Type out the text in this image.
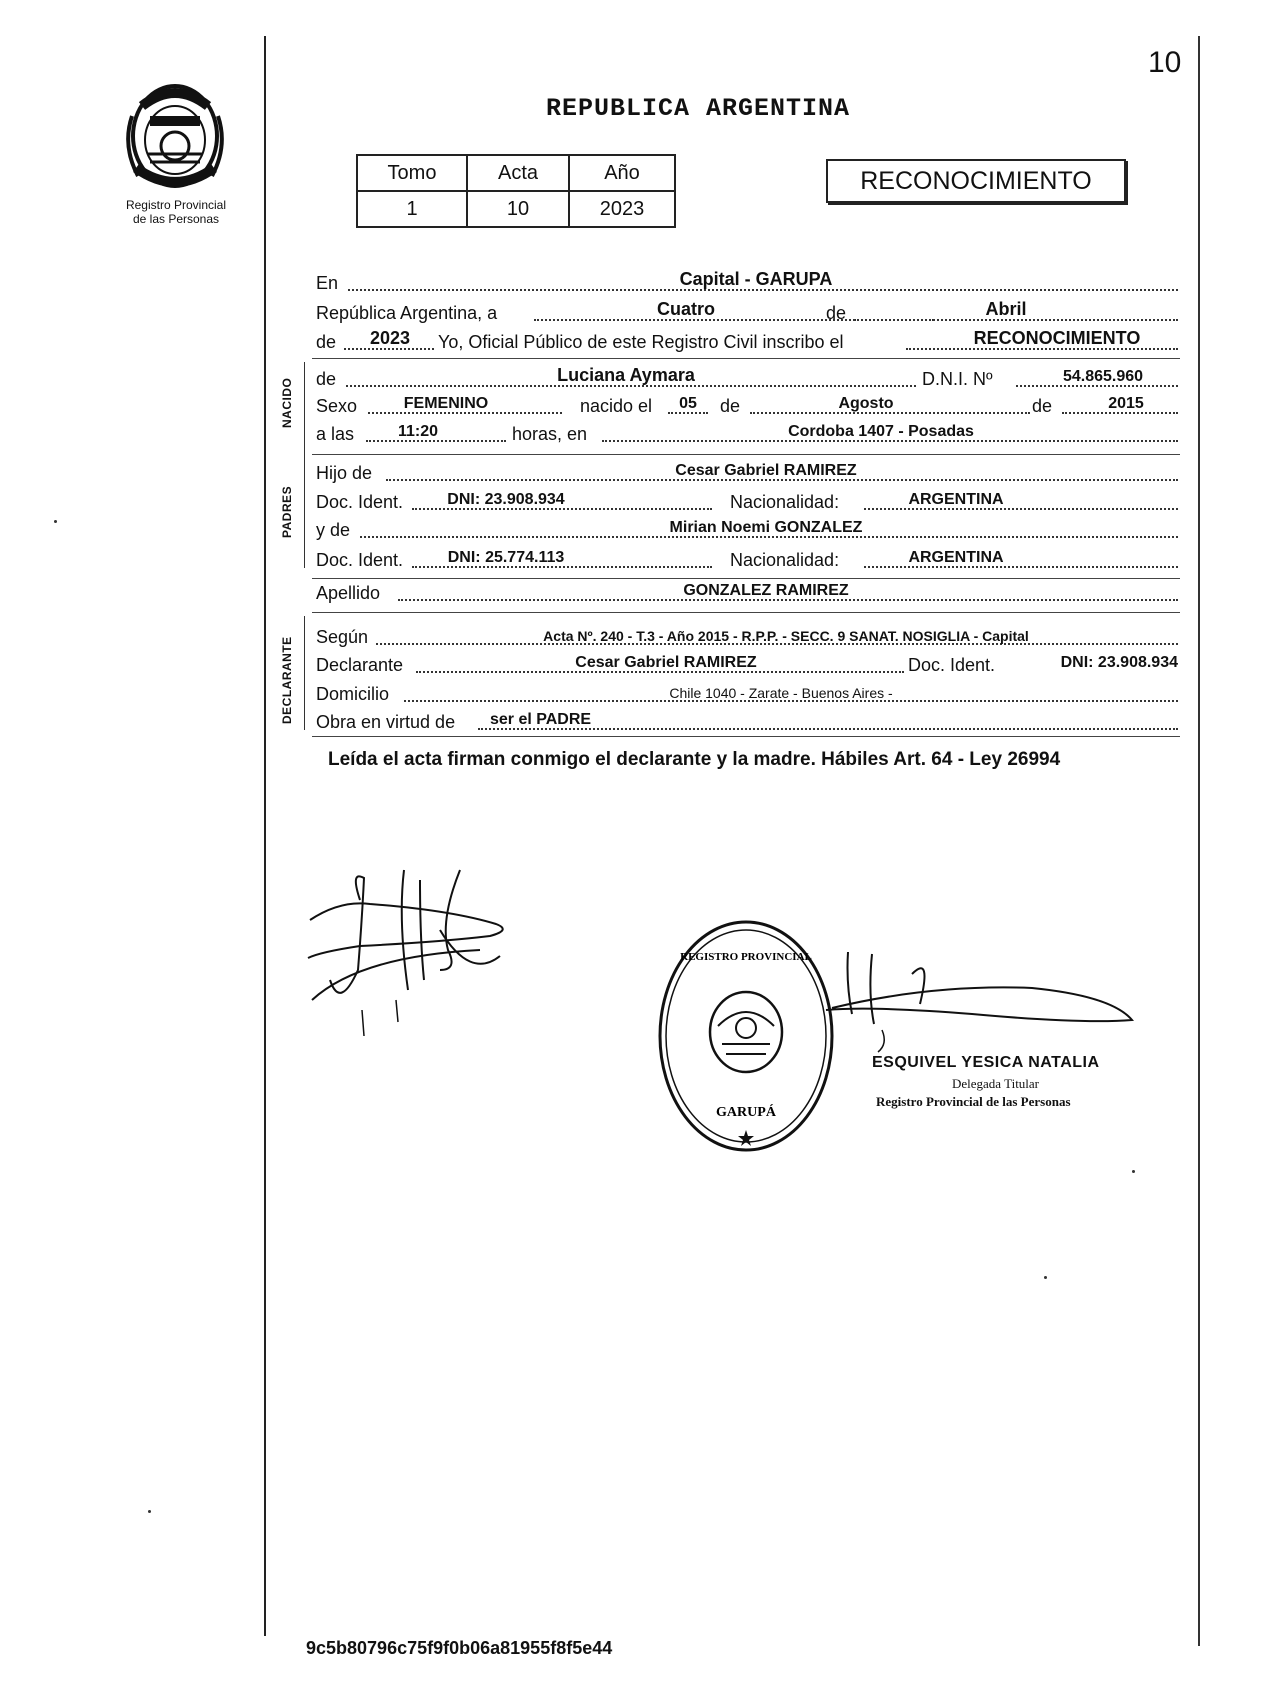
10
Registro Provincial
de las Personas
REPUBLICA ARGENTINA
Tomo	Acta	Año
1	10	2023
RECONOCIMIENTO
En	Capital - GARUPA
República Argentina, a	Cuatro	de	Abril
de	2023	Yo, Oficial Público de este Registro Civil inscribo el	RECONOCIMIENTO
NACIDO de	Luciana Aymara	D.N.I. Nº	54.865.960
Sexo	FEMENINO	nacido el	05	de	Agosto	de	2015
a las	11:20	horas, en	Cordoba 1407 - Posadas
PADRES
Hijo de	Cesar Gabriel RAMIREZ
Doc. Ident.	DNI: 23.908.934	Nacionalidad:	ARGENTINA
y de	Mirian Noemi GONZALEZ
Doc. Ident.	DNI: 25.774.113	Nacionalidad:	ARGENTINA
Apellido	GONZALEZ RAMIREZ
DECLARANTE Según	Acta Nº. 240 - T.3 - Año 2015 - R.P.P. - SECC. 9 SANAT. NOSIGLIA - Capital
Declarante	Cesar Gabriel RAMIREZ	Doc. Ident.	DNI: 23.908.934
Domicilio	Chile 1040 - Zarate - Buenos Aires -
Obra en virtud de ser el PADRE
Leída el acta firman conmigo el declarante y la madre. Hábiles Art. 64 - Ley 26994
REGISTRO PROVINCIAL
GARUPÁ
ESQUIVEL YESICA NATALIA
Delegada Titular
Registro Provincial de las Personas
9c5b80796c75f9f0b06a81955f8f5e44
